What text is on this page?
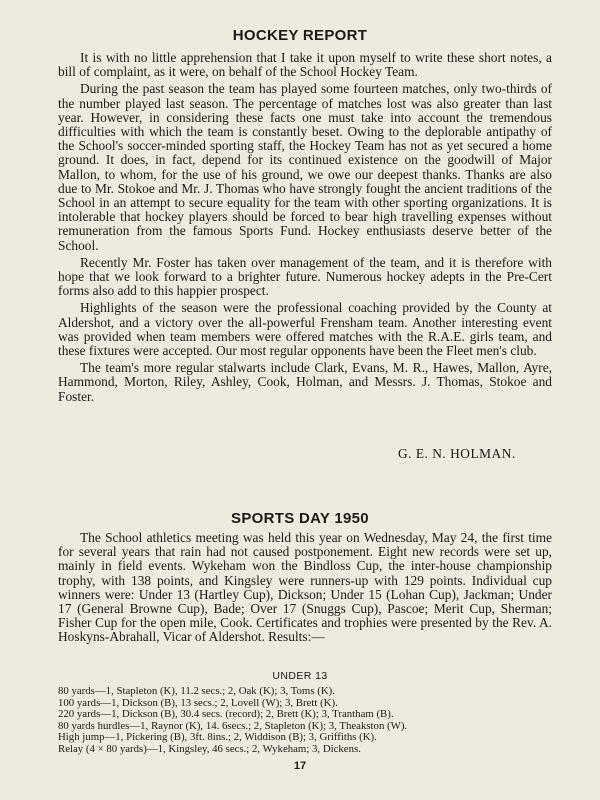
HOCKEY REPORT

It is with no little apprehension that I take it upon myself to write these short notes, a bill of complaint, as it were, on behalf of the School Hockey Team.

During the past season the team has played some fourteen matches, only two-thirds of the number played last season. The percentage of matches lost was also greater than last year. However, in considering these facts one must take into account the tremendous difficulties with which the team is constantly beset. Owing to the deplorable antipathy of the School's soccer-minded sporting staff, the Hockey Team has not as yet secured a home ground. It does, in fact, depend for its continued existence on the goodwill of Major Mallon, to whom, for the use of his ground, we owe our deepest thanks. Thanks are also due to Mr. Stokoe and Mr. J. Thomas who have strongly fought the ancient traditions of the School in an attempt to secure equality for the team with other sporting organizations. It is intolerable that hockey players should be forced to bear high travelling expenses without remuneration from the famous Sports Fund. Hockey enthusiasts deserve better of the School.

Recently Mr. Foster has taken over management of the team, and it is therefore with hope that we look forward to a brighter future. Numerous hockey adepts in the Pre-Cert forms also add to this happier prospect.

Highlights of the season were the professional coaching provided by the County at Aldershot, and a victory over the all-powerful Frensham team. Another interesting event was provided when team members were offered matches with the R.A.E. girls team, and these fixtures were accepted. Our most regular opponents have been the Fleet men's club.

The team's more regular stalwarts include Clark, Evans, M. R., Hawes, Mallon, Ayre, Hammond, Morton, Riley, Ashley, Cook, Holman, and Messrs. J. Thomas, Stokoe and Foster.

G. E. N. HOLMAN.
SPORTS DAY 1950

The School athletics meeting was held this year on Wednesday, May 24, the first time for several years that rain had not caused postponement. Eight new records were set up, mainly in field events. Wykeham won the Bindloss Cup, the inter-house championship trophy, with 138 points, and Kingsley were runners-up with 129 points. Individual cup winners were: Under 13 (Hartley Cup), Dickson; Under 15 (Lohan Cup), Jackman; Under 17 (General Browne Cup), Bade; Over 17 (Snuggs Cup), Pascoe; Merit Cup, Sherman; Fisher Cup for the open mile, Cook. Certificates and trophies were presented by the Rev. A. Hoskyns-Abrahall, Vicar of Aldershot. Results:—

UNDER 13
80 yards—1, Stapleton (K), 11.2 secs.; 2, Oak (K); 3, Toms (K).
100 yards—1, Dickson (B), 13 secs.; 2, Lovell (W); 3, Brett (K).
220 yards—1, Dickson (B), 30.4 secs. (record); 2, Brett (K); 3, Trantham (B).
80 yards hurdles—1, Raynor (K), 14. 6secs.; 2, Stapleton (K); 3, Theakston (W).
High jump—1, Pickering (B), 3ft. 8ins.; 2, Widdison (B); 3, Griffiths (K).
Relay (4 × 80 yards)—1, Kingsley, 46 secs.; 2, Wykeham; 3, Dickens.
17
